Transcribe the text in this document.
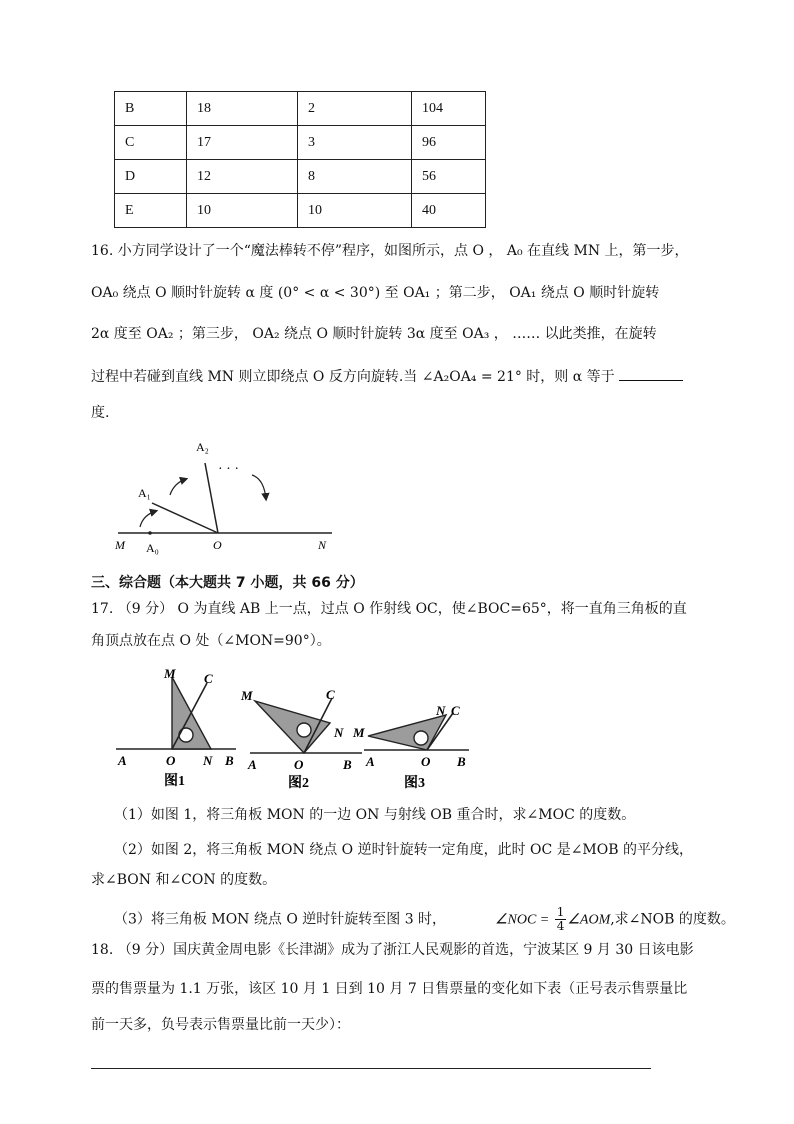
B	18	2	104
C	17	3	96
D	12	8	56
E	10	10	40
16. 小方同学设计了一个“魔法棒转不停”程序，如图所示，点 O ， A₀ 在直线 MN 上，第一步，
OA₀ 绕点 O 顺时针旋转 α 度 (0° < α < 30°) 至 OA₁ ；第二步， OA₁ 绕点 O 顺时针旋转
2α 度至 OA₂ ；第三步， OA₂ 绕点 O 顺时针旋转 3α 度至 OA₃ ， …… 以此类推，在旋转
过程中若碰到直线 MN 则立即绕点 O 反方向旋转.当 ∠A₂OA₄ = 21° 时，则 α 等于
度.
A₂
A₁
· · ·
M A₀	O	N
三、综合题（本大题共 7 小题，共 66 分）
17. （9 分） O 为直线 AB 上一点，过点 O 作射线 OC，使∠BOC=65°，将一直角三角板的直
角顶点放在点 O 处（∠MON=90°）。
M C
A	O N B
图1
M	C
N
A	O	B
图2
N C
M
A	O B
图3
（1）如图 1，将三角板 MON 的一边 ON 与射线 OB 重合时，求∠MOC 的度数。
（2）如图 2，将三角板 MON 绕点 O 逆时针旋转一定角度，此时 OC 是∠MOB 的平分线，
求∠BON 和∠CON 的度数。
（3）将三角板 MON 绕点 O 逆时针旋转至图 3 时，	∠NOC = $\frac{1}{4}$ ∠AOM,求∠NOB 的度数。
18. （9 分）国庆黄金周电影《长津湖》成为了浙江人民观影的首选，宁波某区 9 月 30 日该电影
票的售票量为 1.1 万张，该区 10 月 1 日到 10 月 7 日售票量的变化如下表（正号表示售票量比
前一天多，负号表示售票量比前一天少）：
